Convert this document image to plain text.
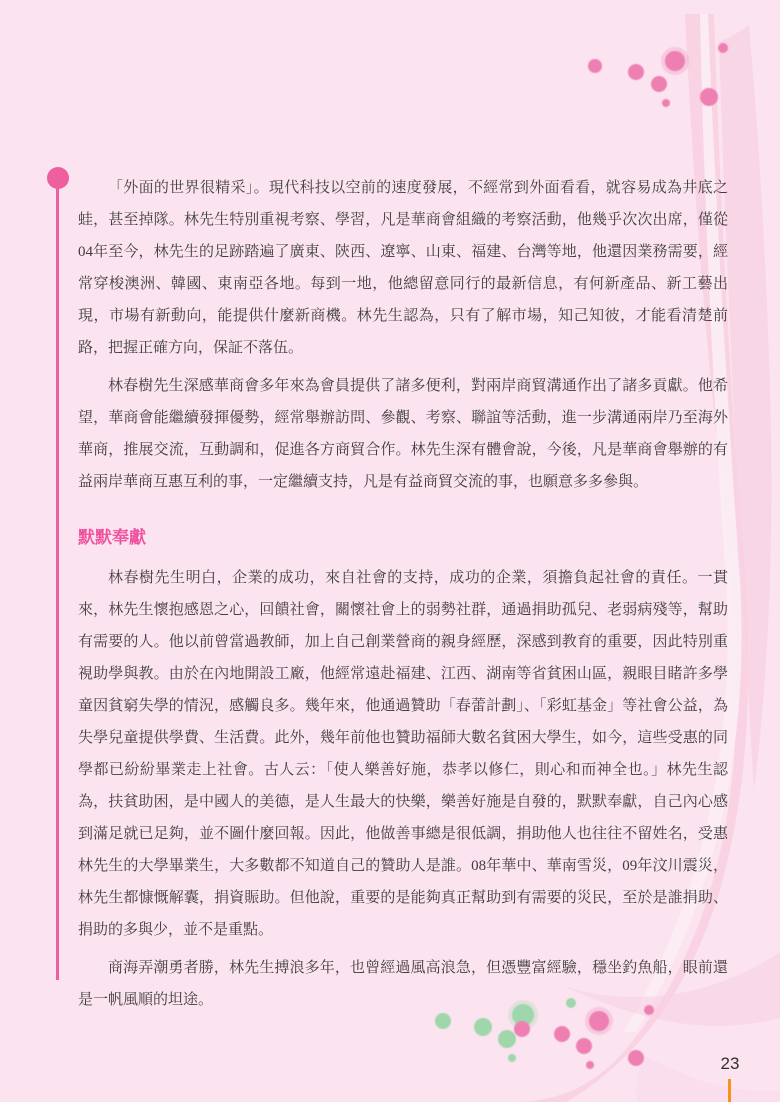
「外面的世界很精采」。現代科技以空前的速度發展，不經常到外面看看，就容易成為井底之蛙，甚至掉隊。林先生特別重視考察、學習，凡是華商會組織的考察活動，他幾乎次次出席，僅從04年至今，林先生的足跡踏遍了廣東、陝西、遼寧、山東、福建、台灣等地，他還因業務需要，經常穿梭澳洲、韓國、東南亞各地。每到一地，他總留意同行的最新信息，有何新產品、新工藝出現，市場有新動向，能提供什麼新商機。林先生認為，只有了解市場，知己知彼，才能看清楚前路，把握正確方向，保証不落伍。

林春樹先生深感華商會多年來為會員提供了諸多便利，對兩岸商貿溝通作出了諸多貢獻。他希望，華商會能繼續發揮優勢，經常舉辦訪問、參觀、考察、聯誼等活動，進一步溝通兩岸乃至海外華商，推展交流，互動調和，促進各方商貿合作。林先生深有體會說，今後，凡是華商會舉辦的有益兩岸華商互惠互利的事，一定繼續支持，凡是有益商貿交流的事，也願意多多參與。

默默奉獻

林春樹先生明白，企業的成功，來自社會的支持，成功的企業，須擔負起社會的責任。一貫來，林先生懷抱感恩之心，回饋社會，關懷社會上的弱勢社群，通過捐助孤兒、老弱病殘等，幫助有需要的人。他以前曾當過教師，加上自己創業營商的親身經歷，深感到教育的重要，因此特別重視助學與教。由於在內地開設工廠，他經常遠赴福建、江西、湖南等省貧困山區，親眼目睹許多學童因貧窮失學的情況，感觸良多。幾年來，他通過贊助「春蕾計劃」、「彩虹基金」等社會公益，為失學兒童提供學費、生活費。此外，幾年前他也贊助福師大數名貧困大學生，如今，這些受惠的同學都已紛紛畢業走上社會。古人云：「使人樂善好施，恭孝以修仁，則心和而神全也。」林先生認為，扶貧助困，是中國人的美德，是人生最大的快樂，樂善好施是自發的，默默奉獻，自己內心感到滿足就已足夠，並不圖什麼回報。因此，他做善事總是很低調，捐助他人也往往不留姓名，受惠林先生的大學畢業生，大多數都不知道自己的贊助人是誰。08年華中、華南雪災，09年汶川震災，林先生都慷慨解囊，捐資賑助。但他說，重要的是能夠真正幫助到有需要的災民，至於是誰捐助、捐助的多與少，並不是重點。

商海弄潮勇者勝，林先生搏浪多年，也曾經過風高浪急，但憑豐富經驗，穩坐釣魚船，眼前還是一帆風順的坦途。

23
